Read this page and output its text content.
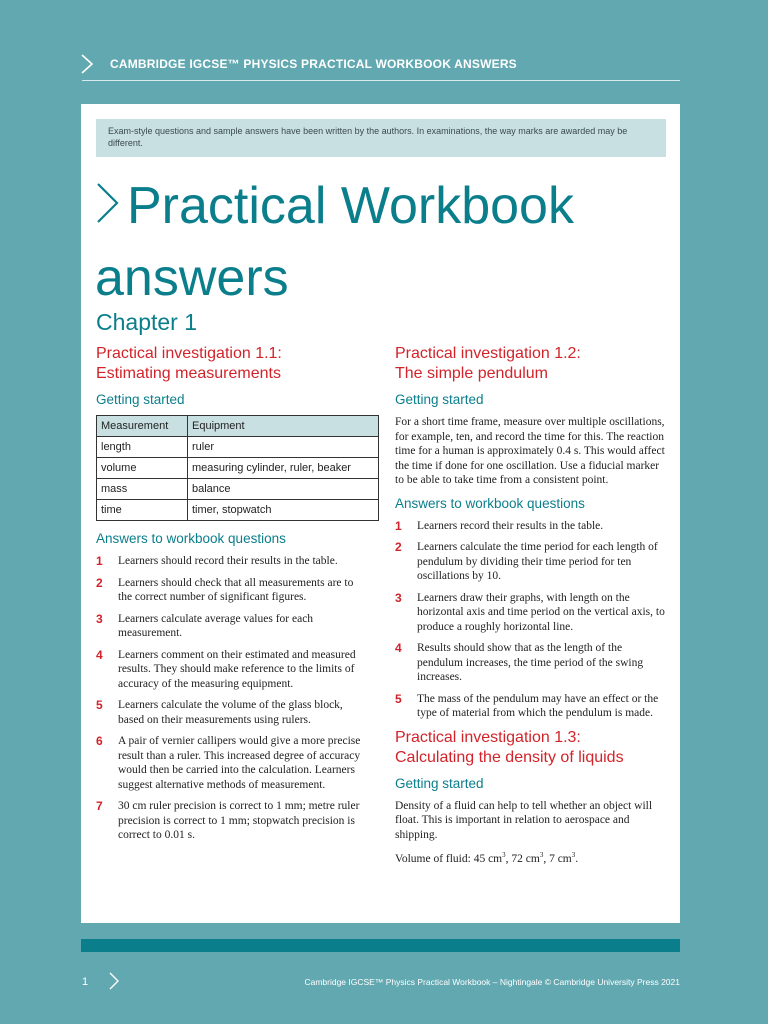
CAMBRIDGE IGCSE™ PHYSICS PRACTICAL WORKBOOK ANSWERS
Exam-style questions and sample answers have been written by the authors. In examinations, the way marks are awarded may be different.
Practical Workbook answers
Chapter 1
Practical investigation 1.1:
Estimating measurements
Getting started
Measurement	Equipment
length	ruler
volume	measuring cylinder, ruler, beaker
mass	balance
time	timer, stopwatch
Answers to workbook questions
1 Learners should record their results in the table.
2 Learners should check that all measurements are to the correct number of significant figures.
3 Learners calculate average values for each measurement.
4 Learners comment on their estimated and measured results. They should make reference to the limits of accuracy of the measuring equipment.
5 Learners calculate the volume of the glass block, based on their measurements using rulers.
6 A pair of vernier callipers would give a more precise result than a ruler. This increased degree of accuracy would then be carried into the calculation. Learners suggest alternative methods of measurement.
7 30 cm ruler precision is correct to 1 mm; metre ruler precision is correct to 1 mm; stopwatch precision is correct to 0.01 s.
Practical investigation 1.2:
The simple pendulum
Getting started

For a short time frame, measure over multiple oscillations, for example, ten, and record the time for this. The reaction time for a human is approximately 0.4 s. This would affect the time if done for one oscillation. Use a fiducial marker to be able to take time from a consistent point.

Answers to workbook questions
1 Learners record their results in the table.
2 Learners calculate the time period for each length of pendulum by dividing their time period for ten oscillations by 10.
3 Learners draw their graphs, with length on the horizontal axis and time period on the vertical axis, to produce a roughly horizontal line.
4 Results should show that as the length of the pendulum increases, the time period of the swing increases.
5 The mass of the pendulum may have an effect or the type of material from which the pendulum is made.
Practical investigation 1.3:
Calculating the density of liquids
Getting started

Density of a fluid can help to tell whether an object will float. This is important in relation to aerospace and shipping.

Volume of fluid: 45 $cm^3$, 72 $cm^3$, 7 $cm^3$.

1	Cambridge IGCSE™ Physics Practical Workbook – Nightingale © Cambridge University Press 2021
